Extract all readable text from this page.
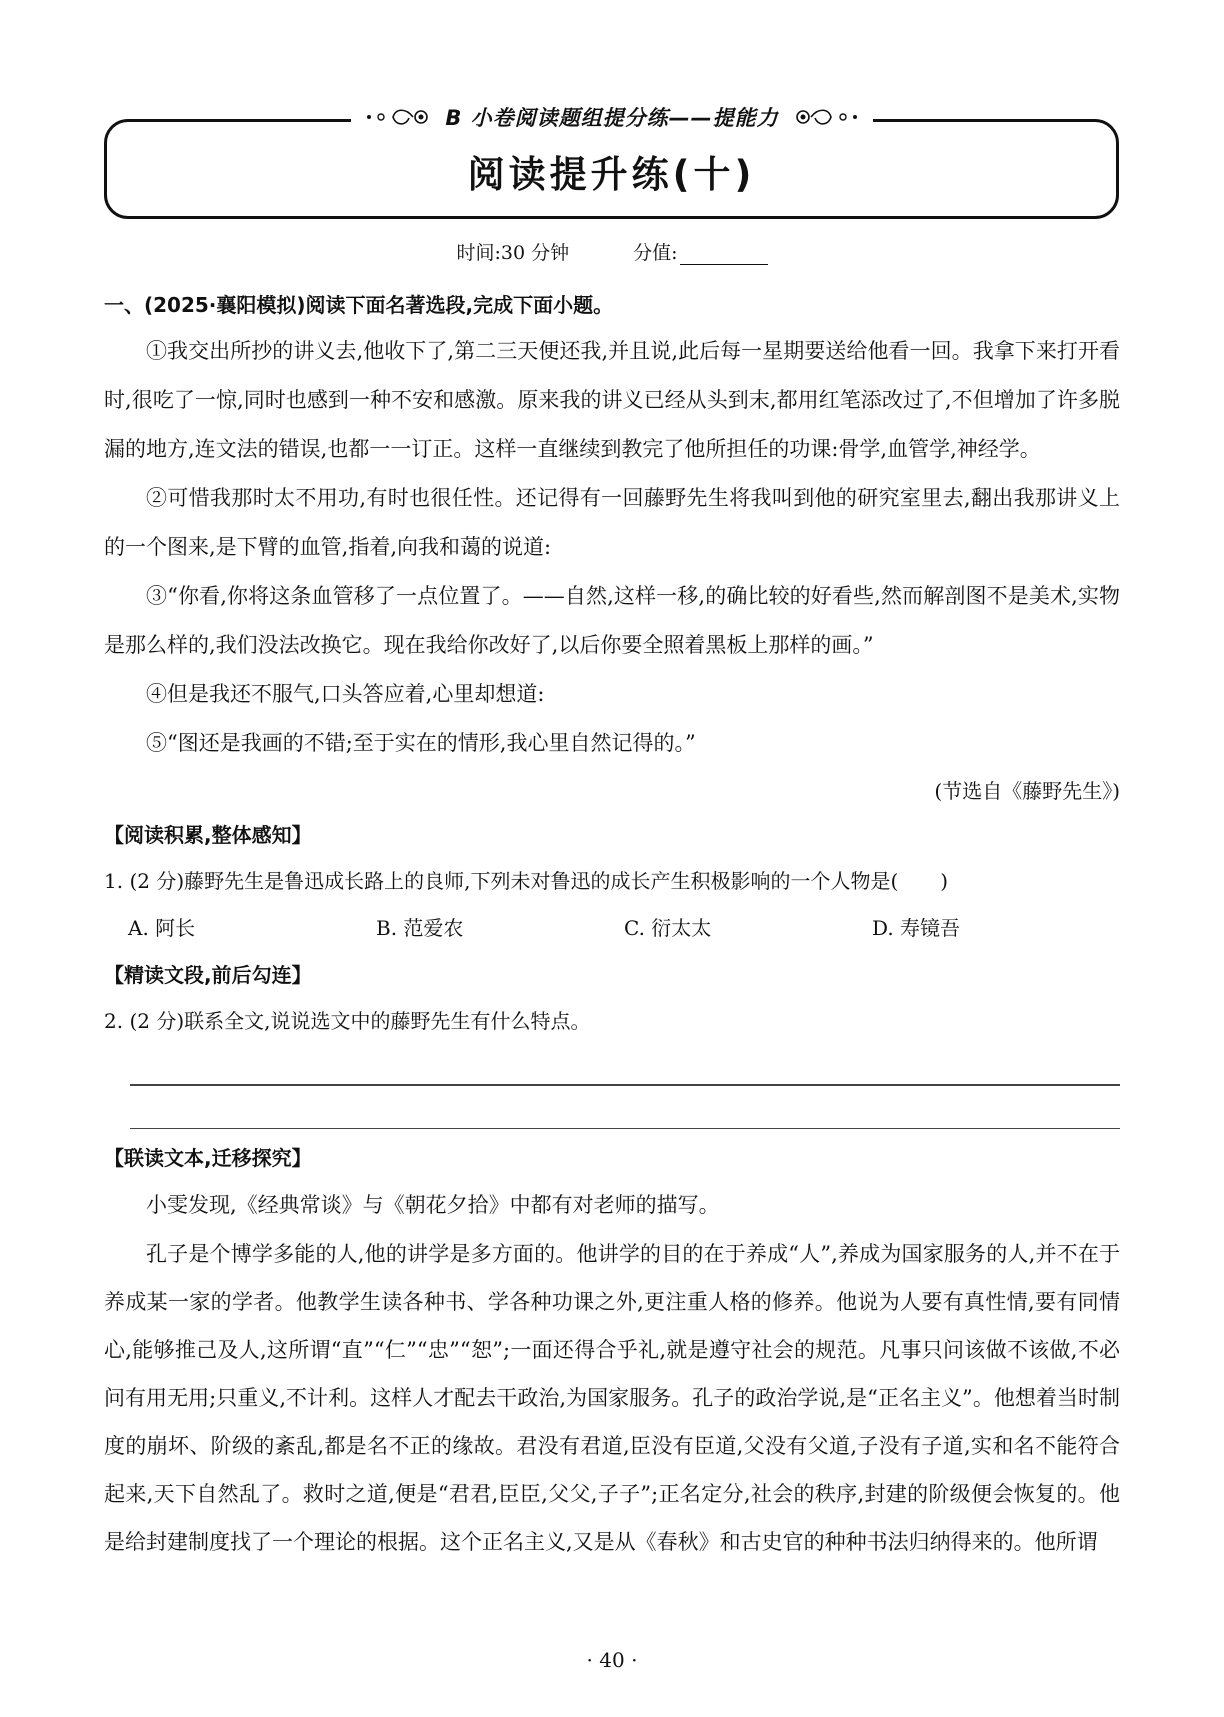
B 小卷阅读题组提分练——提能力
阅读提升练(十)
时间:30 分钟	分值:
一、(2025·襄阳模拟)阅读下面名著选段,完成下面小题。

①我交出所抄的讲义去,他收下了,第二三天便还我,并且说,此后每一星期要送给他看一回。我拿下来打开看时,很吃了一惊,同时也感到一种不安和感激。原来我的讲义已经从头到末,都用红笔添改过了,不但增加了许多脱漏的地方,连文法的错误,也都一一订正。这样一直继续到教完了他所担任的功课:骨学,血管学,神经学。

②可惜我那时太不用功,有时也很任性。还记得有一回藤野先生将我叫到他的研究室里去,翻出我那讲义上的一个图来,是下臂的血管,指着,向我和蔼的说道:

③“你看,你将这条血管移了一点位置了。——自然,这样一移,的确比较的好看些,然而解剖图不是美术,实物是那么样的,我们没法改换它。现在我给你改好了,以后你要全照着黑板上那样的画。”

④但是我还不服气,口头答应着,心里却想道:

⑤“图还是我画的不错;至于实在的情形,我心里自然记得的。”

(节选自《藤野先生》)
【阅读积累,整体感知】
1. (2 分)藤野先生是鲁迅成长路上的良师,下列未对鲁迅的成长产生积极影响的一个人物是( )
A. 阿长	B. 范爱农	C. 衍太太	D. 寿镜吾
【精读文段,前后勾连】
2. (2 分)联系全文,说说选文中的藤野先生有什么特点。
【联读文本,迁移探究】

小雯发现,《经典常谈》与《朝花夕拾》中都有对老师的描写。

孔子是个博学多能的人,他的讲学是多方面的。他讲学的目的在于养成“人”,养成为国家服务的人,并不在于养成某一家的学者。他教学生读各种书、学各种功课之外,更注重人格的修养。他说为人要有真性情,要有同情心,能够推己及人,这所谓“直”“仁”“忠”“恕”;一面还得合乎礼,就是遵守社会的规范。凡事只问该做不该做,不必问有用无用;只重义,不计利。这样人才配去干政治,为国家服务。孔子的政治学说,是“正名主义”。他想着当时制度的崩坏、阶级的紊乱,都是名不正的缘故。君没有君道,臣没有臣道,父没有父道,子没有子道,实和名不能符合起来,天下自然乱了。救时之道,便是“君君,臣臣,父父,子子”;正名定分,社会的秩序,封建的阶级便会恢复的。他是给封建制度找了一个理论的根据。这个正名主义,又是从《春秋》和古史官的种种书法归纳得来的。他所谓

· 40 ·
